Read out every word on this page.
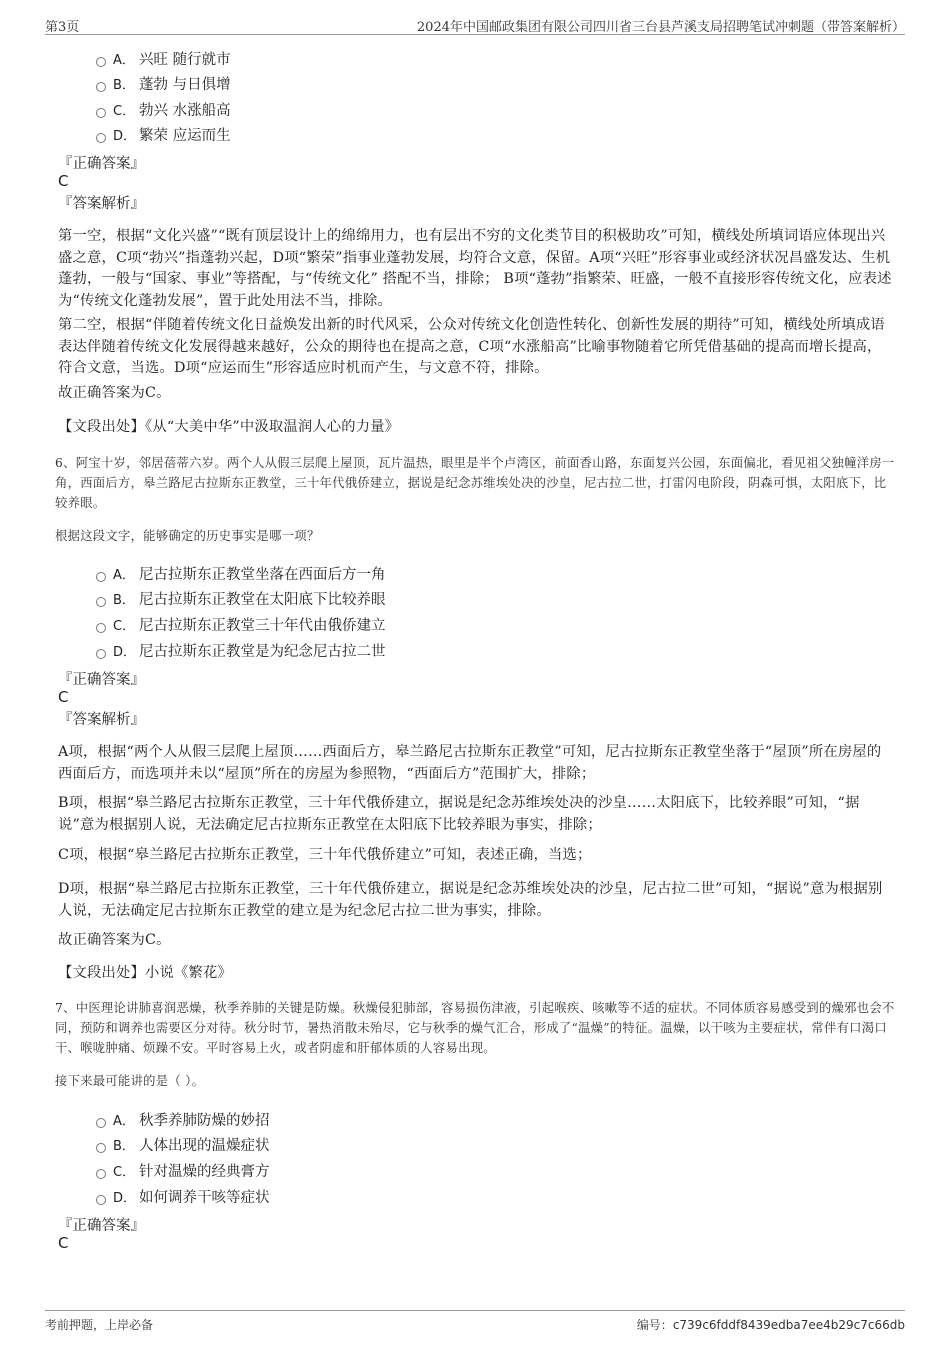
第3页	2024年中国邮政集团有限公司四川省三台县芦溪支局招聘笔试冲刺题（带答案解析）
A． 兴旺 随行就市
B． 蓬勃 与日俱增
C． 勃兴 水涨船高
D． 繁荣 应运而生
『正确答案』
C
『答案解析』
第一空，根据“文化兴盛”“既有顶层设计上的绵绵用力，也有层出不穷的文化类节目的积极助攻”可知，横线处所填词语应体现出兴盛之意，C项“勃兴”指蓬勃兴起，D项“繁荣”指事业蓬勃发展，均符合文意，保留。A项“兴旺”形容事业或经济状况昌盛发达、生机蓬勃，一般与“国家、事业”等搭配，与“传统文化” 搭配不当，排除； B项“蓬勃”指繁荣、旺盛，一般不直接形容传统文化，应表述为“传统文化蓬勃发展”，置于此处用法不当，排除。
第二空，根据“伴随着传统文化日益焕发出新的时代风采，公众对传统文化创造性转化、创新性发展的期待”可知，横线处所填成语表达伴随着传统文化发展得越来越好，公众的期待也在提高之意，C项“水涨船高”比喻事物随着它所凭借基础的提高而增长提高，符合文意，当选。D项“应运而生”形容适应时机而产生，与文意不符，排除。
故正确答案为C。
【文段出处】《从“大美中华”中汲取温润人心的力量》
6、阿宝十岁，邻居蓓蒂六岁。两个人从假三层爬上屋顶，瓦片温热，眼里是半个卢湾区，前面香山路，东面复兴公园，东面偏北，看见祖父独幢洋房一角，西面后方，皋兰路尼古拉斯东正教堂，三十年代俄侨建立，据说是纪念苏维埃处决的沙皇，尼古拉二世，打雷闪电阶段，阴森可惧，太阳底下，比较养眼。
根据这段文字，能够确定的历史事实是哪一项？
A． 尼古拉斯东正教堂坐落在西面后方一角
B． 尼古拉斯东正教堂在太阳底下比较养眼
C． 尼古拉斯东正教堂三十年代由俄侨建立
D． 尼古拉斯东正教堂是为纪念尼古拉二世
『正确答案』
C
『答案解析』
A项，根据“两个人从假三层爬上屋顶……西面后方，皋兰路尼古拉斯东正教堂”可知，尼古拉斯东正教堂坐落于“屋顶”所在房屋的西面后方，而选项并未以“屋顶”所在的房屋为参照物，“西面后方”范围扩大，排除；
B项，根据“皋兰路尼古拉斯东正教堂，三十年代俄侨建立，据说是纪念苏维埃处决的沙皇……太阳底下，比较养眼”可知，“据说”意为根据别人说，无法确定尼古拉斯东正教堂在太阳底下比较养眼为事实，排除；
C项，根据“皋兰路尼古拉斯东正教堂，三十年代俄侨建立”可知，表述正确，当选；
D项，根据“皋兰路尼古拉斯东正教堂，三十年代俄侨建立，据说是纪念苏维埃处决的沙皇，尼古拉二世”可知，“据说”意为根据别人说，无法确定尼古拉斯东正教堂的建立是为纪念尼古拉二世为事实，排除。
故正确答案为C。
【文段出处】小说《繁花》
7、中医理论讲肺喜润恶燥，秋季养肺的关键是防燥。秋燥侵犯肺部，容易损伤津液，引起喉疾、咳嗽等不适的症状。不同体质容易感受到的燥邪也会不同，预防和调养也需要区分对待。秋分时节，暑热消散未殆尽，它与秋季的燥气汇合，形成了“温燥”的特征。温燥，以干咳为主要症状，常伴有口渴口干、喉咙肿痛、烦躁不安。平时容易上火，或者阴虚和肝郁体质的人容易出现。
接下来最可能讲的是（ ）。
A． 秋季养肺防燥的妙招
B． 人体出现的温燥症状
C． 针对温燥的经典膏方
D． 如何调养干咳等症状
『正确答案』
C
考前押题，上岸必备	编号：c739c6fddf8439edba7ee4b29c7c66db
